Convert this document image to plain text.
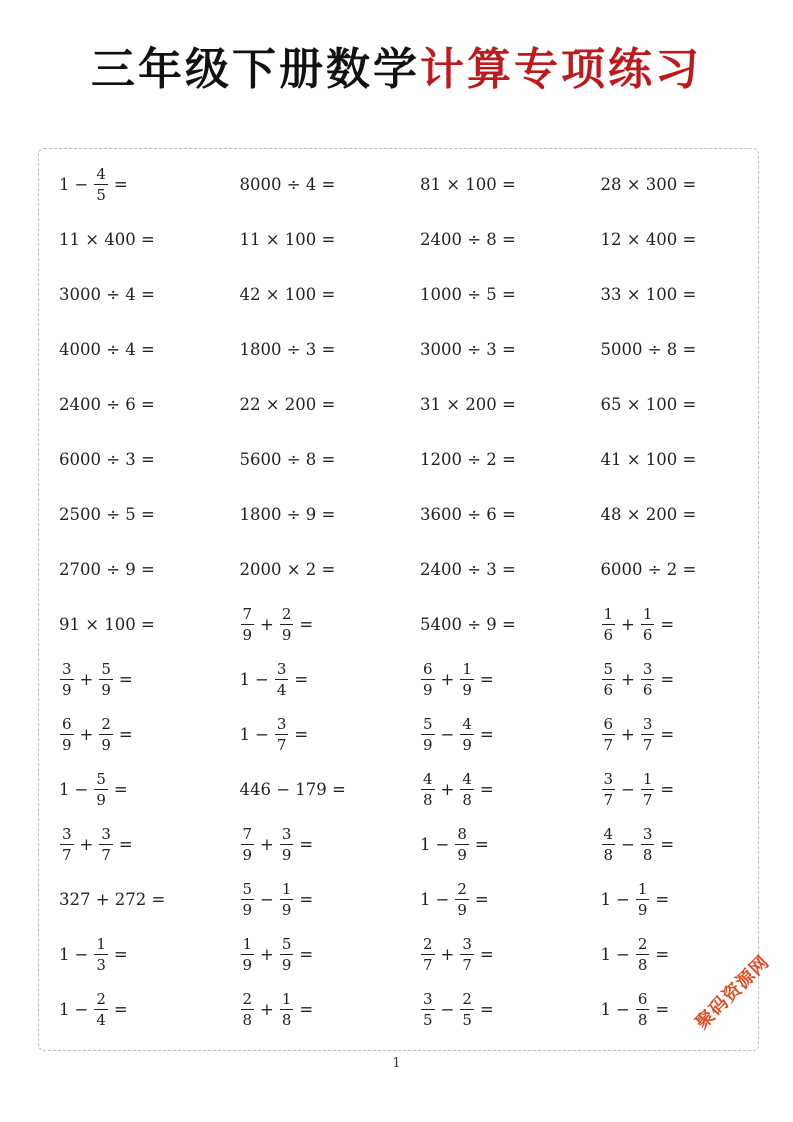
三年级下册数学计算专项练习
$1 - \frac{4}{5}$ =	8000 ÷ 4 =	81 × 100 =	28 × 300 =
11 × 400 =	11 × 100 =	2400 ÷ 8 =	12 × 400 =
3000 ÷ 4 =	42 × 100 =	1000 ÷ 5 =	33 × 100 =
4000 ÷ 4 =	1800 ÷ 3 =	3000 ÷ 3 =	5000 ÷ 8 =
2400 ÷ 6 =	22 × 200 =	31 × 200 =	65 × 100 =
6000 ÷ 3 =	5600 ÷ 8 =	1200 ÷ 2 =	41 × 100 =
2500 ÷ 5 =	1800 ÷ 9 =	3600 ÷ 6 =	48 × 200 =
2700 ÷ 9 =	2000 × 2 =	2400 ÷ 3 =	6000 ÷ 2 =
91 × 100 =	$\frac{7}{9} + \frac{2}{9}$ =	5400 ÷ 9 =	$\frac{1}{6} + \frac{1}{6}$ =
$\frac{3}{9} + \frac{5}{9}$ =	$1 - \frac{3}{4}$ =	$\frac{6}{9} + \frac{1}{9}$ =	$\frac{5}{6} + \frac{3}{6}$ =
$\frac{6}{9} + \frac{2}{9}$ =	$1 - \frac{3}{7}$ =	$\frac{5}{9} - \frac{4}{9}$ =	$\frac{6}{7} + \frac{3}{7}$ =
$1 - \frac{5}{9}$ =	446 − 179 =	$\frac{4}{8} + \frac{4}{8}$ =	$\frac{3}{7} - \frac{1}{7}$ =
$\frac{3}{7} + \frac{3}{7}$ =	$\frac{7}{9} + \frac{3}{9}$ =	$1 - \frac{8}{9}$ =	$\frac{4}{8} - \frac{3}{8}$ =
327 + 272 =	$\frac{5}{9} - \frac{1}{9}$ =	$1 - \frac{2}{9}$ =	$1 - \frac{1}{9}$ =
$1 - \frac{1}{3}$ =	$\frac{1}{9} + \frac{5}{9}$ =	$\frac{2}{7} + \frac{3}{7}$ =	$1 - \frac{2}{8}$ =
$1 - \frac{2}{4}$ =	$\frac{2}{8} + \frac{1}{8}$ =	$\frac{3}{5} - \frac{2}{5}$ =	$1 - \frac{6}{8}$ =
1
聚码资源网
